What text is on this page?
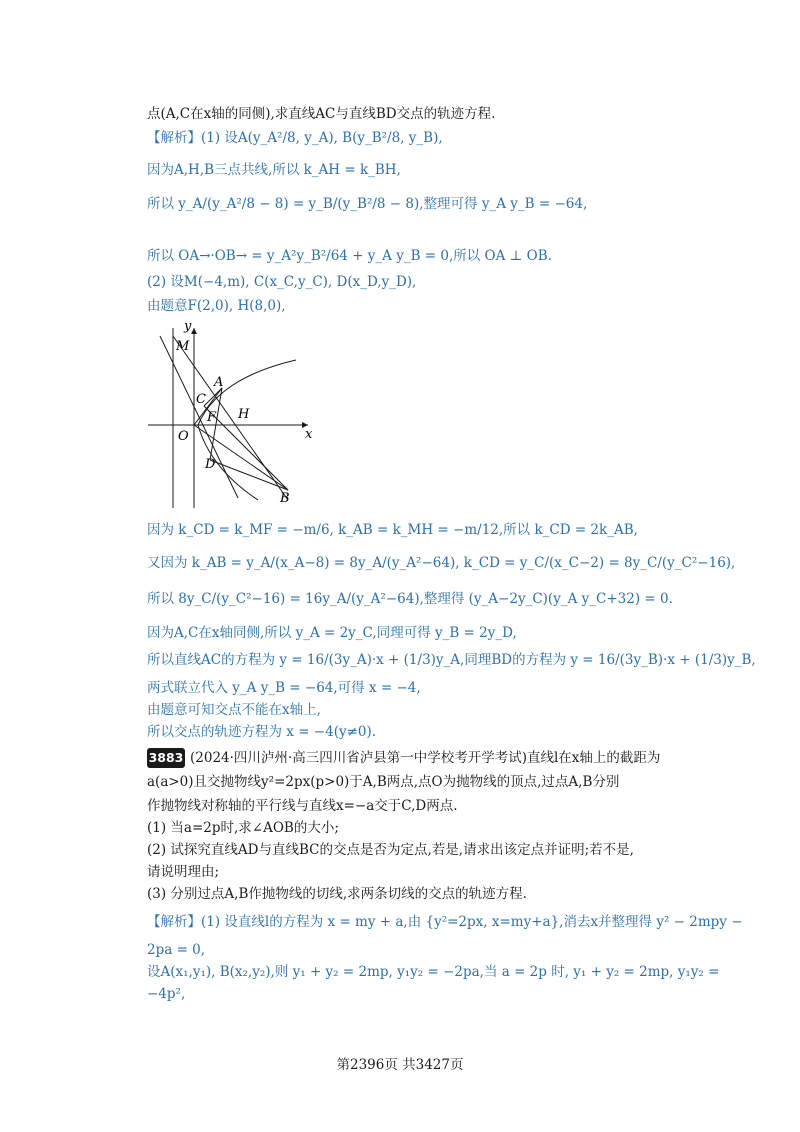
点(A,C在x轴的同侧),求直线AC与直线BD交点的轨迹方程.
【解析】(1) 设A(y_A²/8, y_A), B(y_B²/8, y_B),
因为A,H,B三点共线,所以 k_AH = k_BH,
所以 y_A/(y_A²/8 − 8) = y_B/(y_B²/8 − 8),整理可得 y_A y_B = −64,
所以 OA→·OB→ = y_A²y_B²/64 + y_A y_B = 0,所以 OA ⊥ OB.
(2) 设M(−4,m), C(x_C,y_C), D(x_D,y_D),
由题意F(2,0), H(8,0),
y
x
M
A
C
F H
O
D
B
因为 k_CD = k_MF = −m/6, k_AB = k_MH = −m/12,所以 k_CD = 2k_AB,
又因为 k_AB = y_A/(x_A−8) = 8y_A/(y_A²−64), k_CD = y_C/(x_C−2) = 8y_C/(y_C²−16),
所以 8y_C/(y_C²−16) = 16y_A/(y_A²−64),整理得 (y_A−2y_C)(y_A y_C+32) = 0.
因为A,C在x轴同侧,所以 y_A = 2y_C,同理可得 y_B = 2y_D,
所以直线AC的方程为 y = 16/(3y_A)·x + (1/3)y_A,同理BD的方程为 y = 16/(3y_B)·x + (1/3)y_B,
两式联立代入 y_A y_B = −64,可得 x = −4,
由题意可知交点不能在x轴上,
所以交点的轨迹方程为 x = −4(y≠0).
3883 (2024·四川泸州·高三四川省泸县第一中学校考开学考试)直线l在x轴上的截距为
a(a>0)且交抛物线y²=2px(p>0)于A,B两点,点O为抛物线的顶点,过点A,B分别
作抛物线对称轴的平行线与直线x=−a交于C,D两点.
(1) 当a=2p时,求∠AOB的大小;
(2) 试探究直线AD与直线BC的交点是否为定点,若是,请求出该定点并证明;若不是,
请说明理由;
(3) 分别过点A,B作抛物线的切线,求两条切线的交点的轨迹方程.
【解析】(1) 设直线l的方程为 x = my + a,由 {y²=2px, x=my+a},消去x并整理得 y² − 2mpy −
2pa = 0,
设A(x₁,y₁), B(x₂,y₂),则 y₁ + y₂ = 2mp, y₁y₂ = −2pa,当 a = 2p 时, y₁ + y₂ = 2mp, y₁y₂ =
−4p²,
第2396页 共3427页
